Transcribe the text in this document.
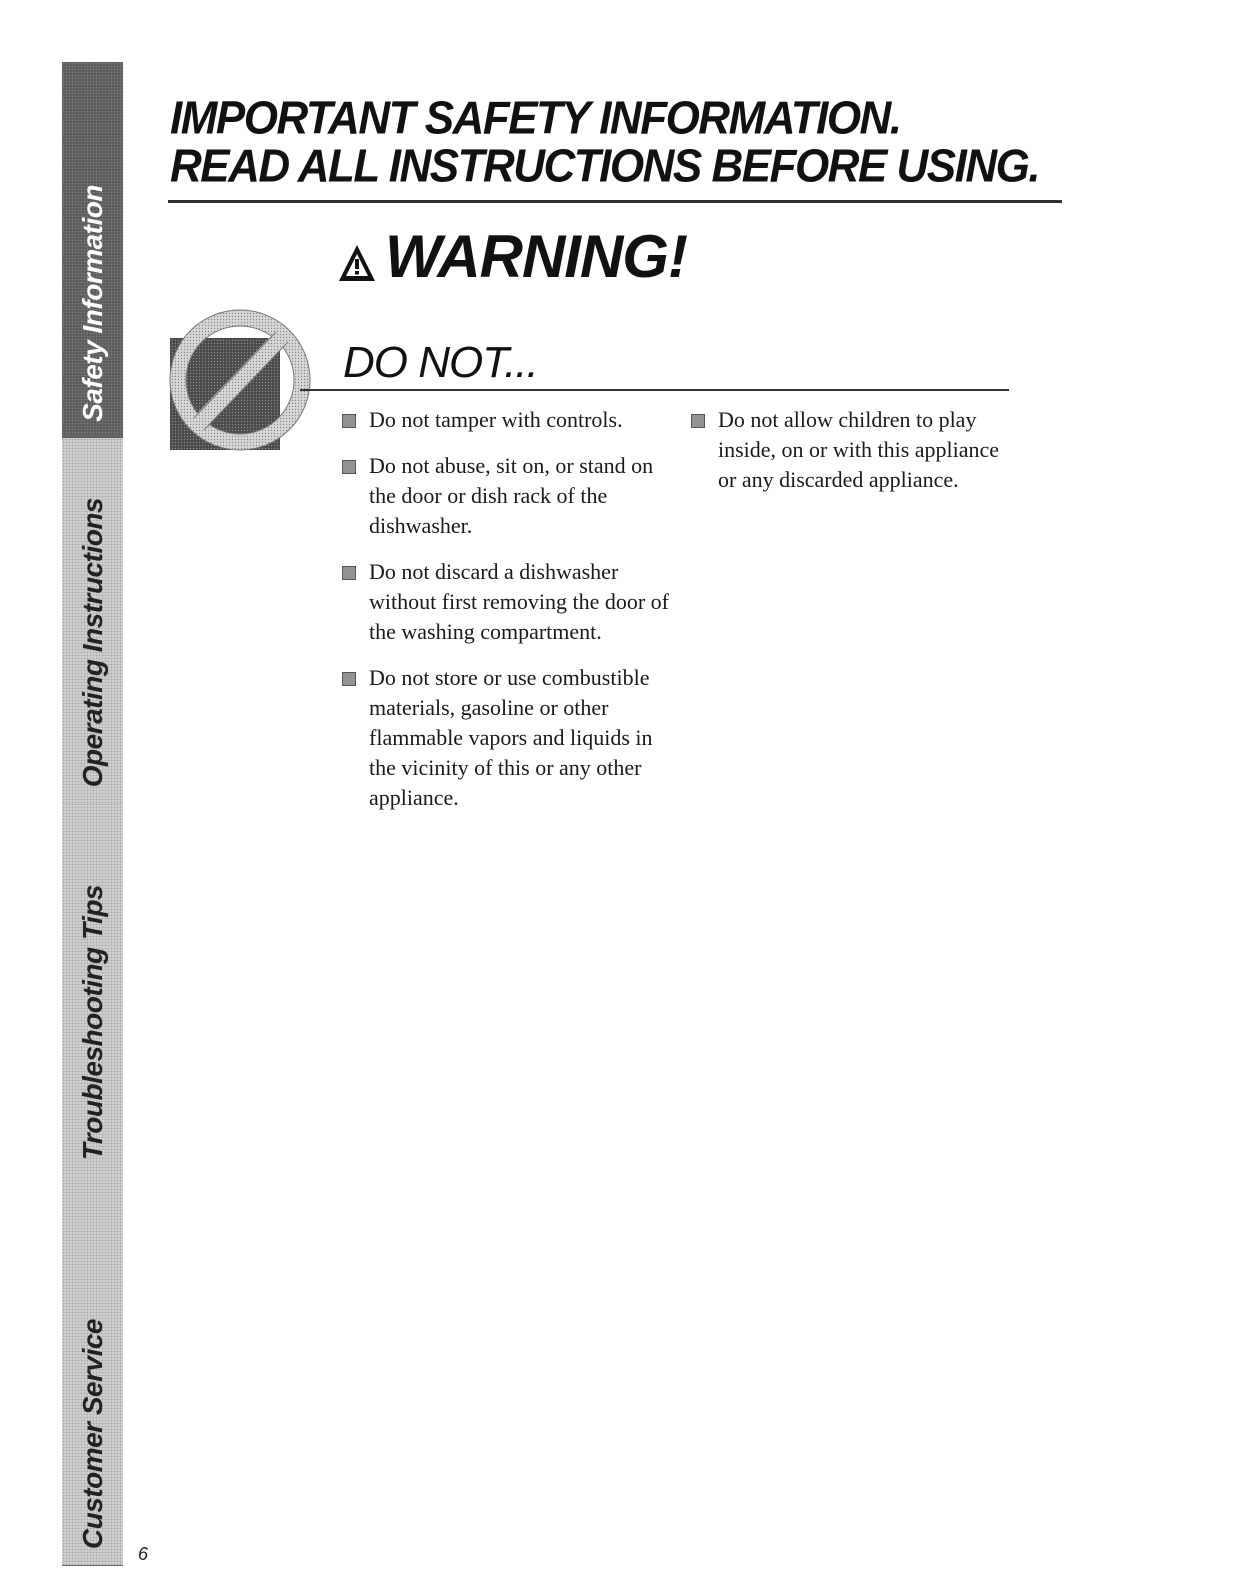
Safety Information
Operating Instructions
Troubleshooting Tips
Customer Service
6
IMPORTANT SAFETY INFORMATION.
READ ALL INSTRUCTIONS BEFORE USING.
WARNING!
DO NOT...
Do not tamper with controls.
Do not abuse, sit on, or stand on the door or dish rack of the dishwasher.
Do not discard a dishwasher without first removing the door of the washing compartment.
Do not store or use combustible materials, gasoline or other flammable vapors and liquids in the vicinity of this or any other appliance.
Do not allow children to play inside, on or with this appliance or any discarded appliance.
